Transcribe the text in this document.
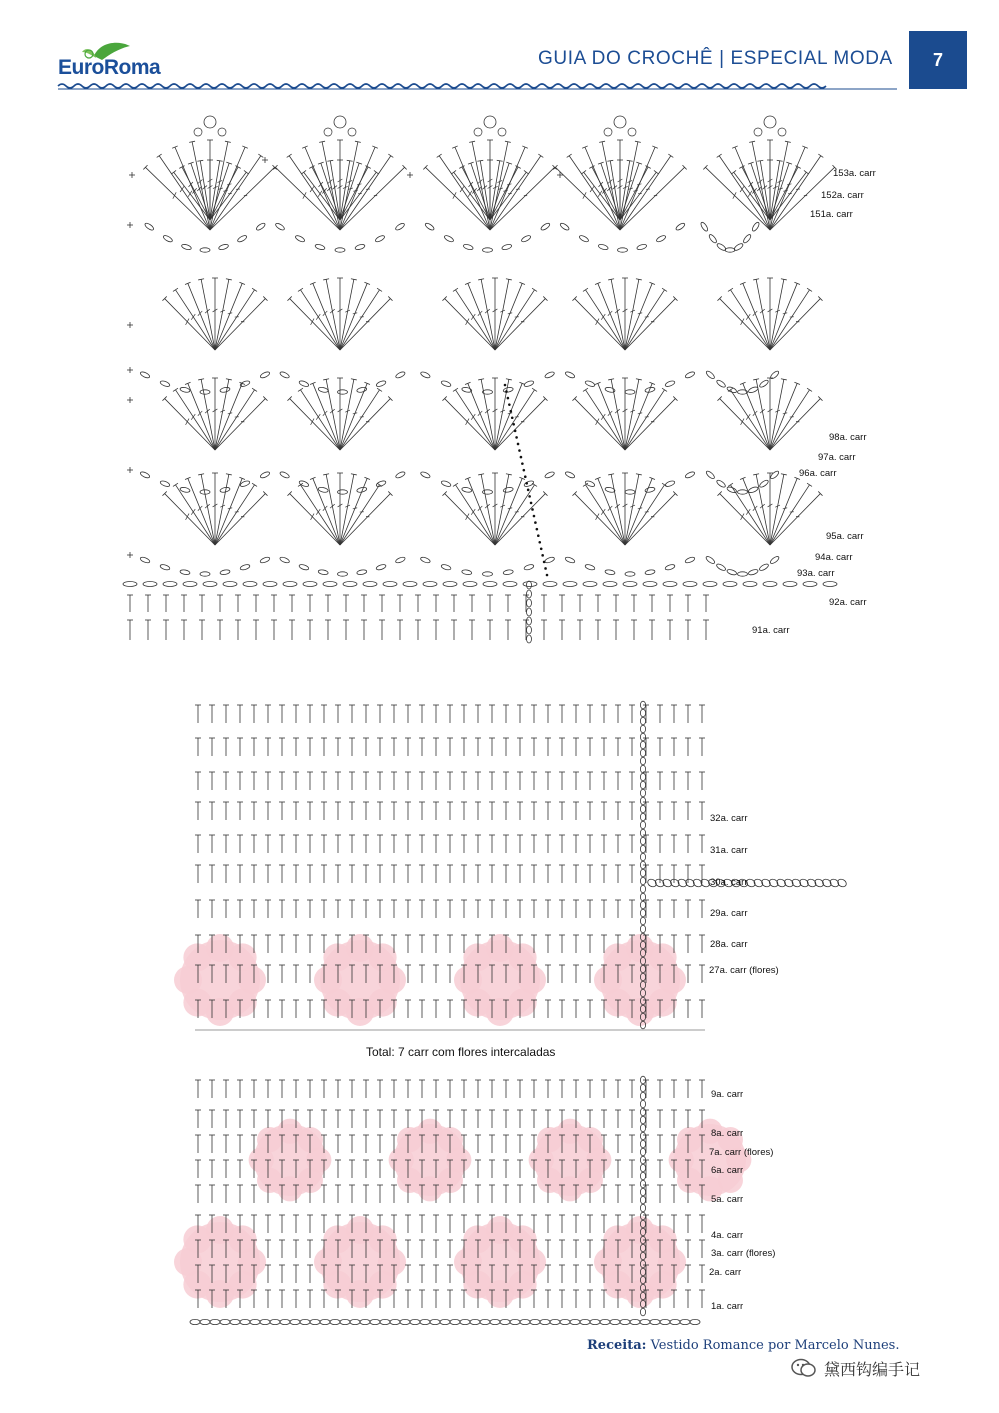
EuroRoma	GUIA DO CROCHÊ | ESPECIAL MODA 7
153a. carr
152a. carr
151a. carr
98a. carr
97a. carr
96a. carr
95a. carr
94a. carr
93a. carr
92a. carr
91a. carr
32a. carr
31a. carr
30a. carr
29a. carr
28a. carr
27a. carr (flores)
Total: 7 carr com flores intercaladas
9a. carr
8a. carr
7a. carr (flores)
6a. carr
5a. carr
4a. carr
3a. carr (flores)
2a. carr
1a. carr
Receita: Vestido Romance por Marcelo Nunes.
黛西钩编手记
